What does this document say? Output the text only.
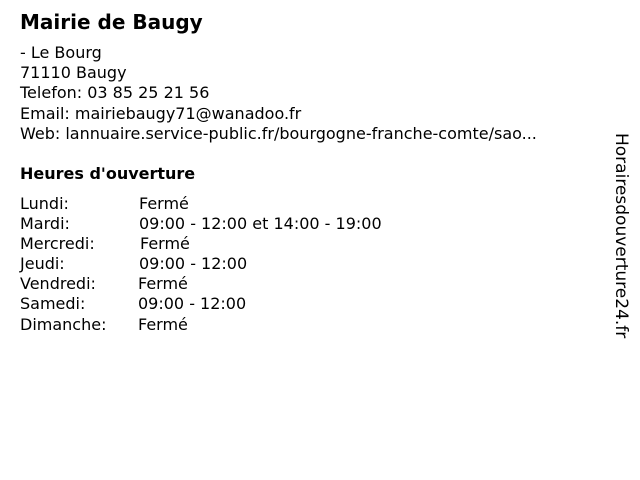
Mairie de Baugy
- Le Bourg
71110 Baugy
Telefon: 03 85 25 21 56
Email: mairiebaugy71@wanadoo.fr
Web: lannuaire.service-public.fr/bourgogne-franche-comte/sao...
Heures d'ouverture
Lundi:	Fermé
Mardi:	09:00 - 12:00 et 14:00 - 19:00
Mercredi:	Fermé
Jeudi:	09:00 - 12:00
Vendredi:	Fermé
Samedi:	09:00 - 12:00
Dimanche: Fermé	Horairesdouverture24.fr
